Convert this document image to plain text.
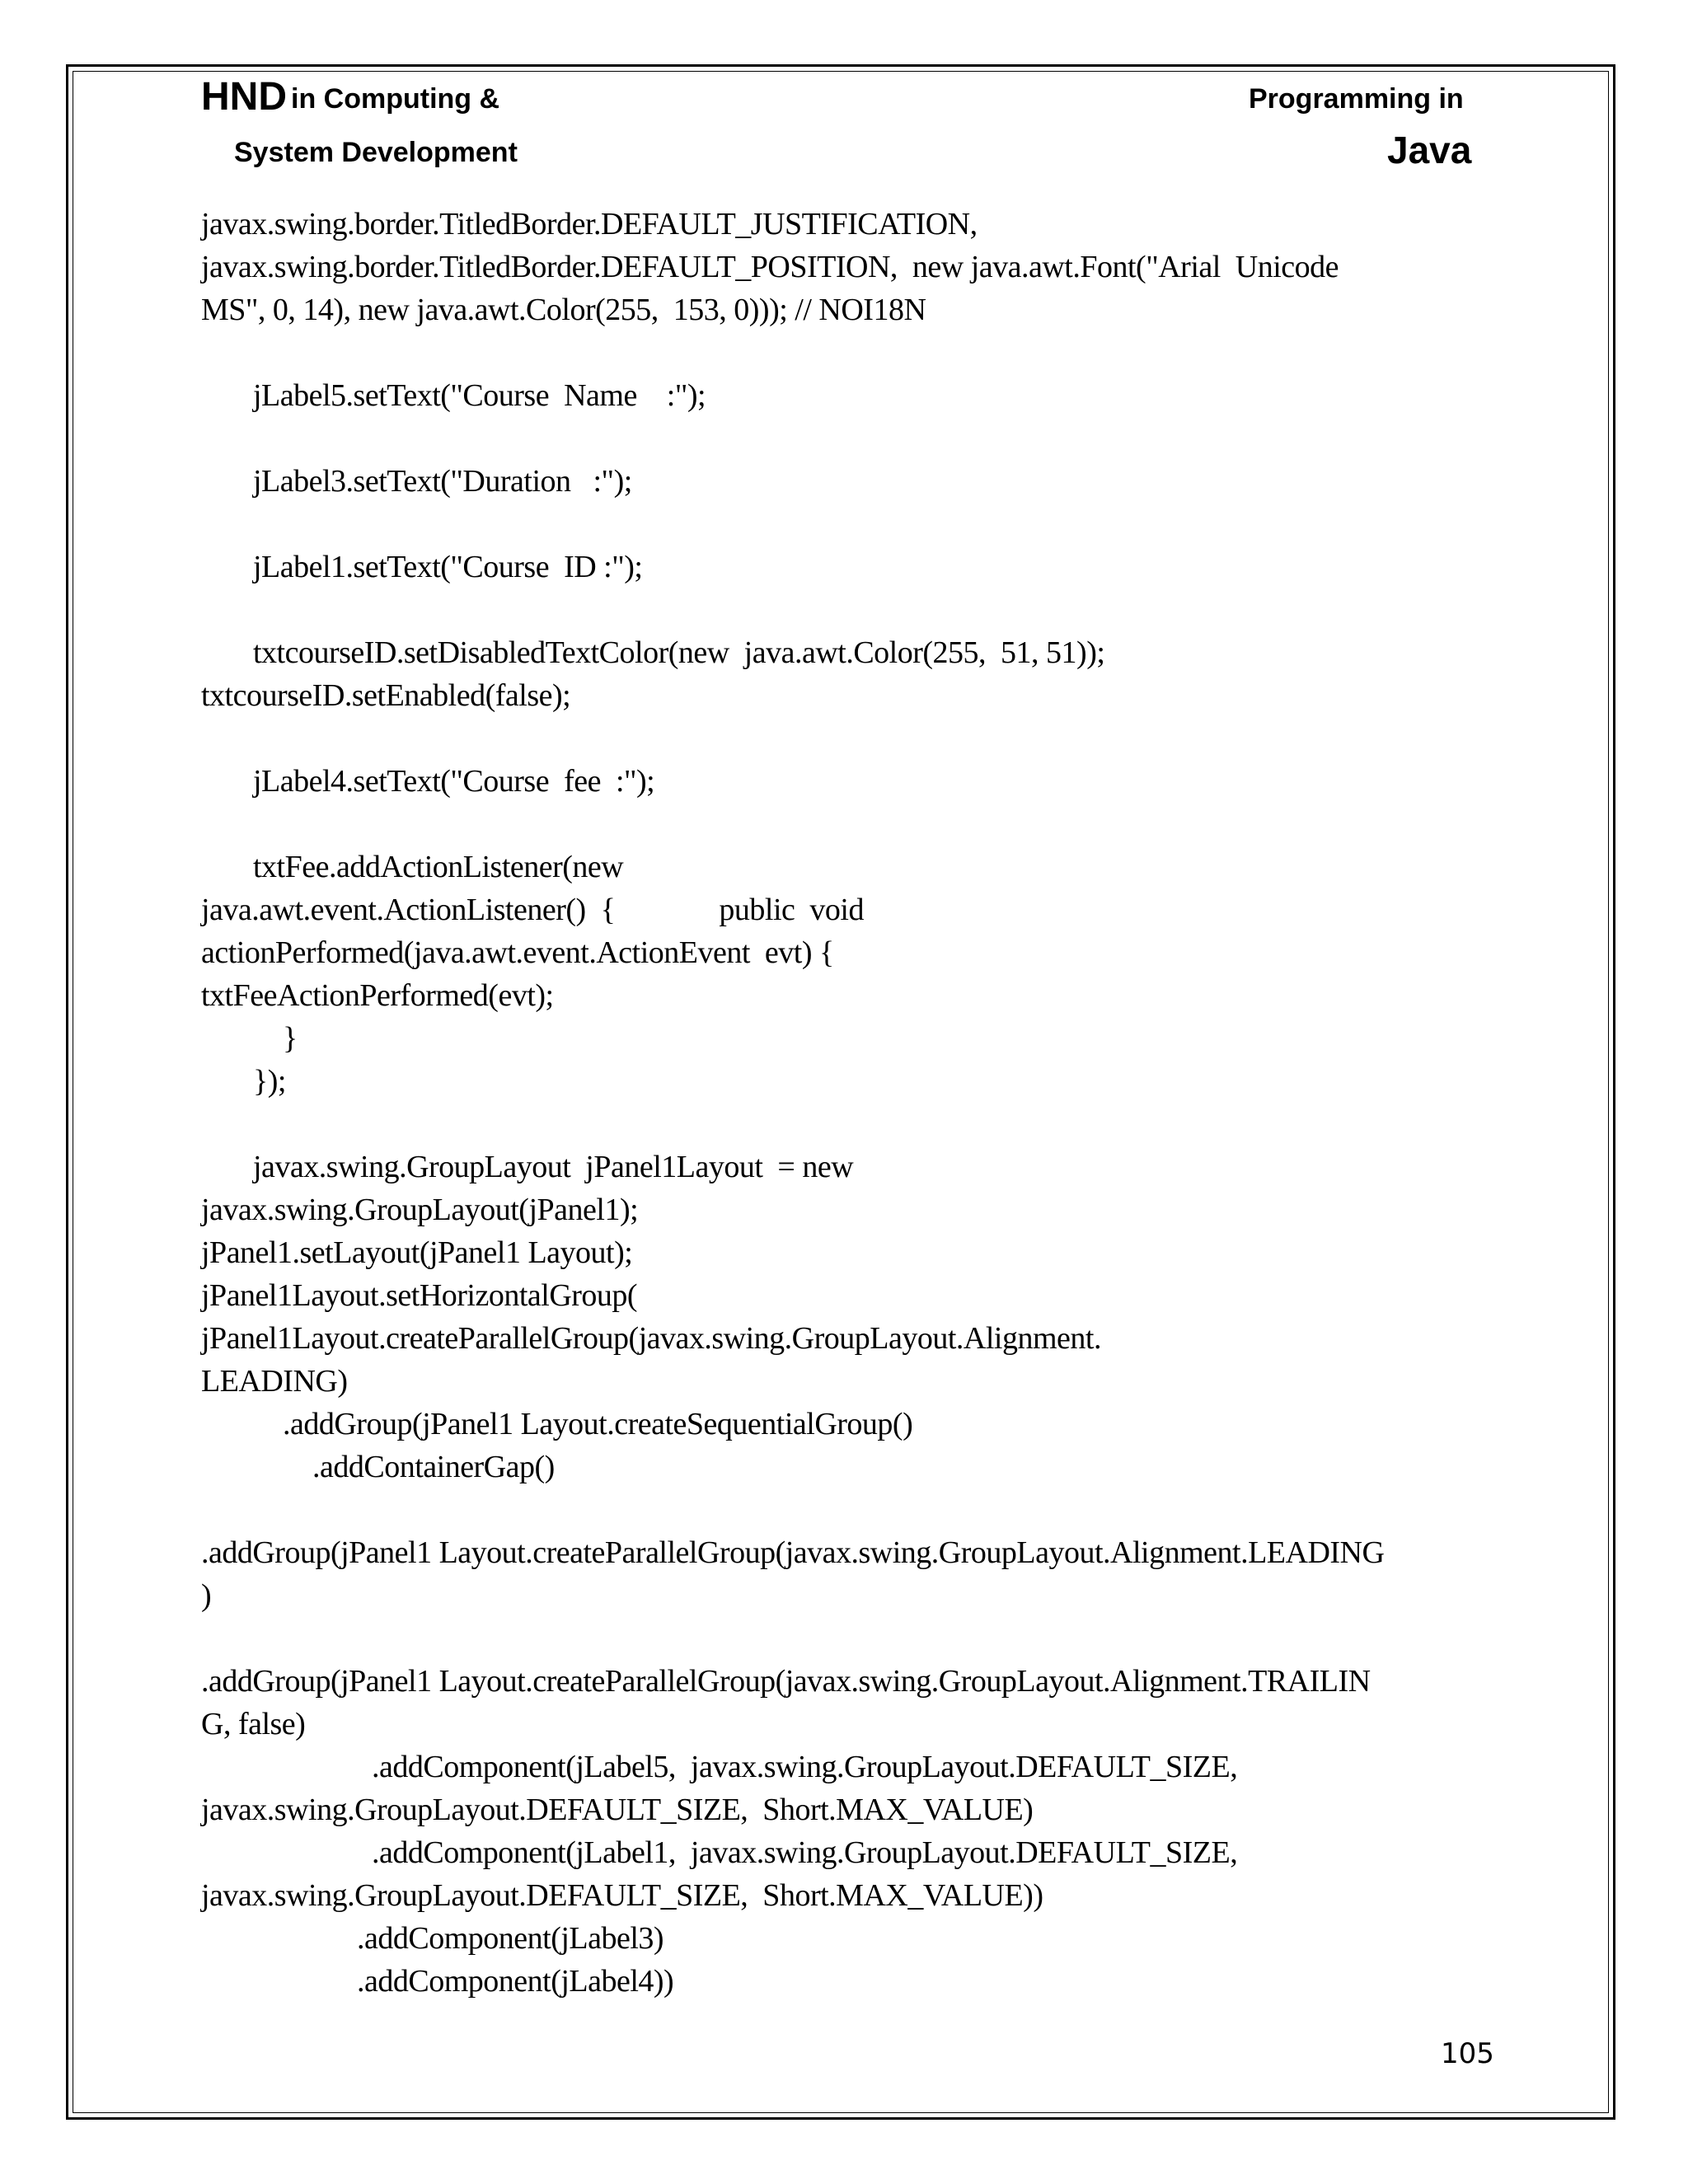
HND in Computing &
System Development
Programming in
Java
javax.swing.border.TitledBorder.DEFAULT_JUSTIFICATION,
javax.swing.border.TitledBorder.DEFAULT_POSITION,  new java.awt.Font("Arial  Unicode
MS", 0, 14), new java.awt.Color(255,  153, 0))); // NOI18N
jLabel5.setText("Course  Name    :");
jLabel3.setText("Duration   :");
jLabel1.setText("Course  ID :");
txtcourseID.setDisabledTextColor(new  java.awt.Color(255,  51, 51));
txtcourseID.setEnabled(false);
jLabel4.setText("Course  fee  :");
txtFee.addActionListener(new
java.awt.event.ActionListener()  {              public  void
actionPerformed(java.awt.event.ActionEvent  evt) {
txtFeeActionPerformed(evt);
}
});
javax.swing.GroupLayout  jPanel1Layout  = new
javax.swing.GroupLayout(jPanel1);
jPanel1.setLayout(jPanel1 Layout);
jPanel1Layout.setHorizontalGroup(
jPanel1Layout.createParallelGroup(javax.swing.GroupLayout.Alignment.
LEADING)
.addGroup(jPanel1 Layout.createSequentialGroup()
.addContainerGap()
.addGroup(jPanel1 Layout.createParallelGroup(javax.swing.GroupLayout.Alignment.LEADING
)
.addGroup(jPanel1 Layout.createParallelGroup(javax.swing.GroupLayout.Alignment.TRAILIN
G, false)
.addComponent(jLabel5,  javax.swing.GroupLayout.DEFAULT_SIZE,
javax.swing.GroupLayout.DEFAULT_SIZE,  Short.MAX_VALUE)
.addComponent(jLabel1,  javax.swing.GroupLayout.DEFAULT_SIZE,
javax.swing.GroupLayout.DEFAULT_SIZE,  Short.MAX_VALUE))
.addComponent(jLabel3)
.addComponent(jLabel4))
105
